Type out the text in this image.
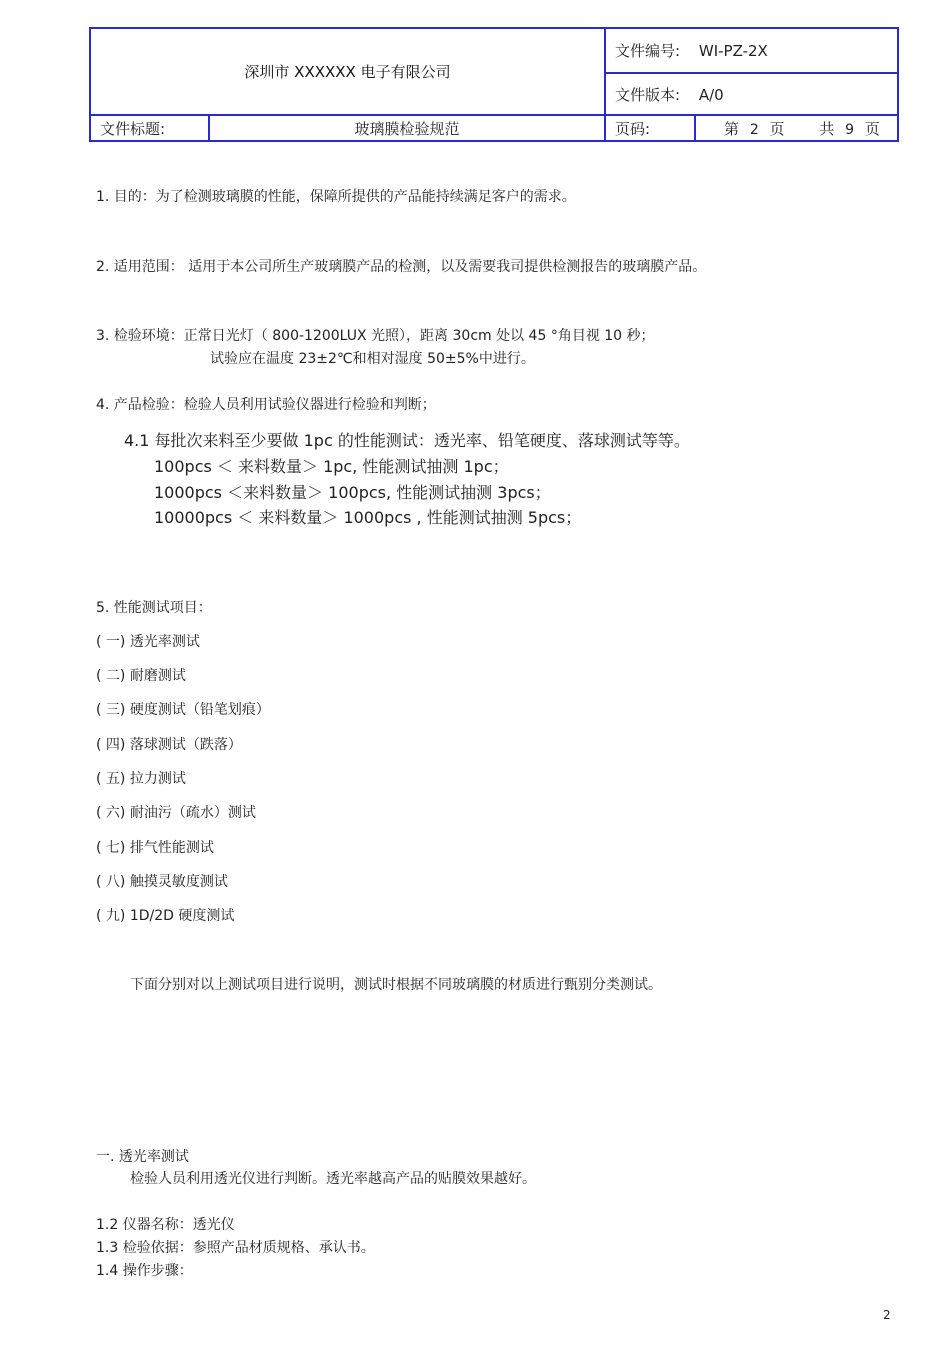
深圳市 XXXXXX 电子有限公司		文件编号: WI-PZ-2X	
		文件版本: A/0	
文件标题:	玻璃膜检验规范	页码:	第 2 页 共 9 页
1. 目的：为了检测玻璃膜的性能，保障所提供的产品能持续满足客户的需求。
2. 适用范围： 适用于本公司所生产玻璃膜产品的检测，以及需要我司提供检测报告的玻璃膜产品。
3. 检验环境：正常日光灯（ 800-1200LUX 光照），距离 30cm 处以 45 °角目视 10 秒；
试验应在温度 23±2℃和相对湿度 50±5%中进行。
4. 产品检验：检验人员利用试验仪器进行检验和判断；
4.1 每批次来料至少要做 1pc 的性能测试：透光率、铅笔硬度、落球测试等等。
100pcs ＜ 来料数量＞ 1pc, 性能测试抽测 1pc；
1000pcs ＜来料数量＞ 100pcs, 性能测试抽测 3pcs；
10000pcs ＜ 来料数量＞ 1000pcs , 性能测试抽测 5pcs；
5. 性能测试项目：
( 一) 透光率测试
( 二) 耐磨测试
( 三) 硬度测试（铅笔划痕）
( 四) 落球测试（跌落）
( 五) 拉力测试
( 六) 耐油污（疏水）测试
( 七) 排气性能测试
( 八) 触摸灵敏度测试
( 九) 1D/2D 硬度测试
下面分别对以上测试项目进行说明，测试时根据不同玻璃膜的材质进行甄别分类测试。
一. 透光率测试
检验人员利用透光仪进行判断。透光率越高产品的贴膜效果越好。
1.2 仪器名称：透光仪
1.3 检验依据：参照产品材质规格、承认书。
1.4 操作步骤：
2
